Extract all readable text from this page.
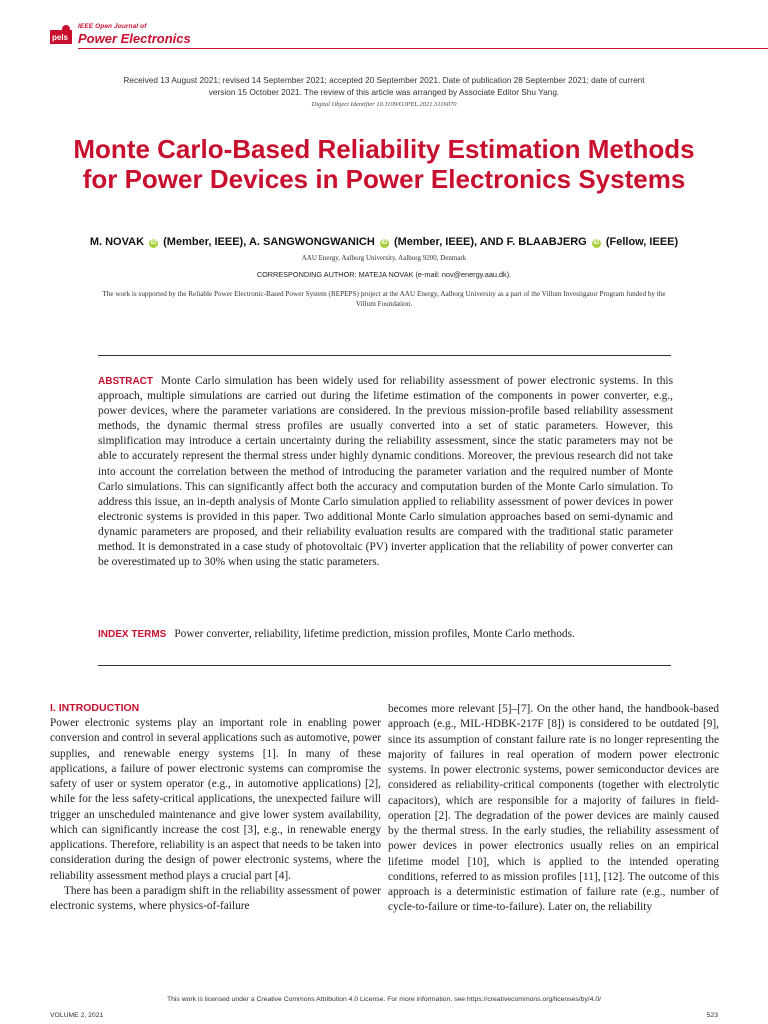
pels
IEEE Open Journal of
Power Electronics
Received 13 August 2021; revised 14 September 2021; accepted 20 September 2021. Date of publication 28 September 2021; date of current version 15 October 2021. The review of this article was arranged by Associate Editor Shu Yang.
Digital Object Identifier 10.1109/OJPEL.2021.3116070
Monte Carlo-Based Reliability Estimation Methods for Power Devices in Power Electronics Systems
M. NOVAK iD (Member, IEEE), A. SANGWONGWANICH iD (Member, IEEE), AND F. BLAABJERG iD (Fellow, IEEE)
AAU Energy, Aalborg University, Aalborg 9200, Denmark
CORRESPONDING AUTHOR: MATEJA NOVAK (e-mail: nov@energy.aau.dk).
The work is supported by the Reliable Power Electronic-Based Power System (REPEPS) project at the AAU Energy, Aalborg University as a part of the Villum Investigator Program funded by the Villum Foundation.
ABSTRACT Monte Carlo simulation has been widely used for reliability assessment of power electronic systems. In this approach, multiple simulations are carried out during the lifetime estimation of the components in power converter, e.g., power devices, where the parameter variations are considered. In the previous mission-profile based reliability assessment methods, the dynamic thermal stress profiles are usually converted into a set of static parameters. However, this simplification may introduce a certain uncertainty during the reliability assessment, since the static parameters may not be able to accurately represent the thermal stress under highly dynamic conditions. Moreover, the previous research did not take into account the correlation between the method of introducing the parameter variation and the required number of Monte Carlo simulations. This can significantly affect both the accuracy and computation burden of the Monte Carlo simulation. To address this issue, an in-depth analysis of Monte Carlo simulation applied to reliability assessment of power devices in power electronic systems is provided in this paper. Two additional Monte Carlo simulation approaches based on semi-dynamic and dynamic parameters are proposed, and their reliability evaluation results are compared with the traditional static parameter method. It is demonstrated in a case study of photovoltaic (PV) inverter application that the reliability of power converter can be overestimated up to 30% when using the static parameters.
INDEX TERMS Power converter, reliability, lifetime prediction, mission profiles, Monte Carlo methods.
I. INTRODUCTION

Power electronic systems play an important role in enabling power conversion and control in several applications such as automotive, power supplies, and renewable energy systems [1]. In many of these applications, a failure of power electronic systems can compromise the safety of user or system operator (e.g., in automotive applications) [2], while for the less safety-critical applications, the unexpected failure will trigger an unscheduled maintenance and give lower system availability, which can significantly increase the cost [3], e.g., in renewable energy applications. Therefore, reliability is an aspect that needs to be taken into consideration during the design of power electronic systems, where the reliability assessment method plays a crucial part [4].

There has been a paradigm shift in the reliability assessment of power electronic systems, where physics-of-failure

becomes more relevant [5]–[7]. On the other hand, the handbook-based approach (e.g., MIL-HDBK-217F [8]) is considered to be outdated [9], since its assumption of constant failure rate is no longer representing the majority of failures in real operation of modern power electronic systems. In power electronic systems, power semiconductor devices are considered as reliability-critical components (together with electrolytic capacitors), which are responsible for a majority of failures in field-operation [2]. The degradation of the power devices are mainly caused by the thermal stress. In the early studies, the reliability assessment of power devices in power electronics usually relies on an empirical lifetime model [10], which is applied to the intended operating conditions, referred to as mission profiles [11], [12]. The outcome of this approach is a deterministic estimation of failure rate (e.g., number of cycle-to-failure or time-to-failure). Later on, the reliability

This work is licensed under a Creative Commons Attribution 4.0 License. For more information, see https://creativecommons.org/licenses/by/4.0/
VOLUME 2, 2021	523
